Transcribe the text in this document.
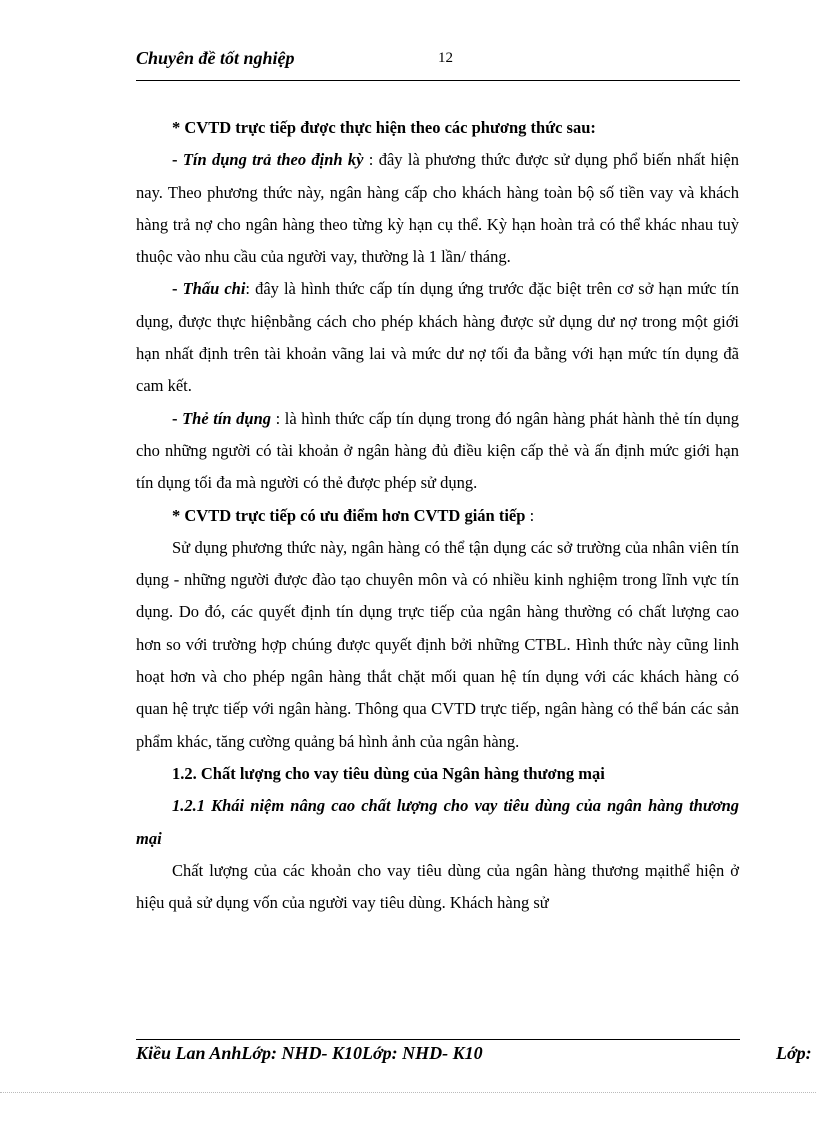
Chuyên đề tốt nghiệp	12

* CVTD trực tiếp được thực hiện theo các phương thức sau:

- Tín dụng trả theo định kỳ : đây là phương thức được sử dụng phổ biến nhất hiện nay. Theo phương thức này, ngân hàng cấp cho khách hàng toàn bộ số tiền vay và khách hàng trả nợ cho ngân hàng theo từng kỳ hạn cụ thể. Kỳ hạn hoàn trả có thể khác nhau tuỳ thuộc vào nhu cầu của người vay, thường là 1 lần/ tháng.

- Thấu chi: đây là hình thức cấp tín dụng ứng trước đặc biệt trên cơ sở hạn mức tín dụng, được thực hiệnbằng cách cho phép khách hàng được sử dụng dư nợ trong một giới hạn nhất định trên tài khoản vãng lai và mức dư nợ tối đa bằng với hạn mức tín dụng đã cam kết.

- Thẻ tín dụng : là hình thức cấp tín dụng trong đó ngân hàng phát hành thẻ tín dụng cho những người có tài khoản ở ngân hàng đủ điều kiện cấp thẻ và ấn định mức giới hạn tín dụng tối đa mà người có thẻ được phép sử dụng.

* CVTD trực tiếp có ưu điểm hơn CVTD gián tiếp :

Sử dụng phương thức này, ngân hàng có thể tận dụng các sở trường của nhân viên tín dụng - những người được đào tạo chuyên môn và có nhiều kinh nghiệm trong lĩnh vực tín dụng. Do đó, các quyết định tín dụng trực tiếp của ngân hàng thường có chất lượng cao hơn so với trường hợp chúng được quyết định bởi những CTBL. Hình thức này cũng linh hoạt hơn và cho phép ngân hàng thắt chặt mối quan hệ tín dụng với các khách hàng có quan hệ trực tiếp với ngân hàng. Thông qua CVTD trực tiếp, ngân hàng có thể bán các sản phẩm khác, tăng cường quảng bá hình ảnh của ngân hàng.

1.2. Chất lượng cho vay tiêu dùng của Ngân hàng thương mại

1.2.1 Khái niệm nâng cao chất lượng cho vay tiêu dùng của ngân hàng thương mại

Chất lượng của các khoản cho vay tiêu dùng của ngân hàng thương mạithể hiện ở hiệu quả sử dụng vốn của người vay tiêu dùng. Khách hàng sử

Kiều Lan AnhLớp: NHD- K10Lớp: NHD- K10	Lớp:
